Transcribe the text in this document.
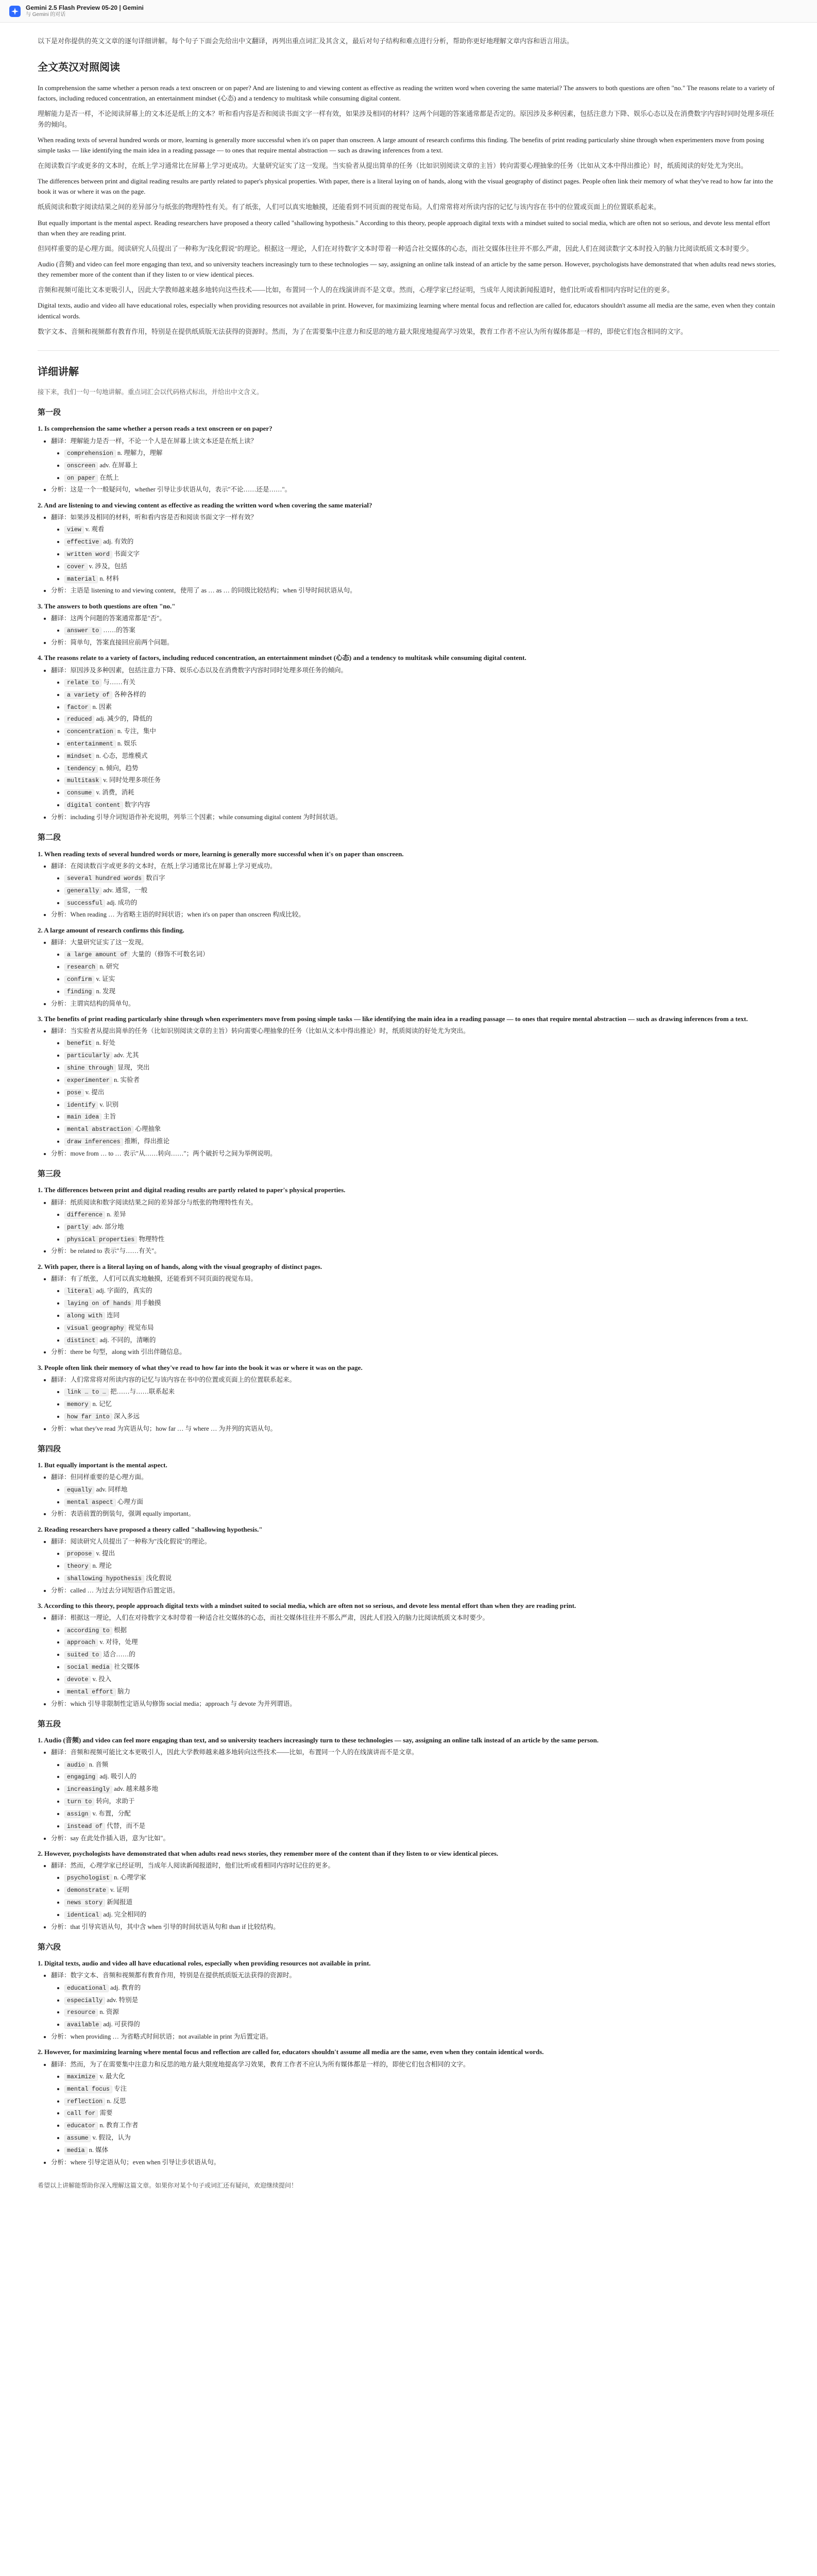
Gemini 2.5 Flash Preview 05-20 | Gemini
与 Gemini 的对话

以下是对你提供的英文文章的逐句详细讲解。每个句子下面会先给出中文翻译，再列出重点词汇及其含义，最后对句子结构和难点进行分析，帮助你更好地理解文章内容和语言用法。

全文英汉对照阅读

In comprehension the same whether a person reads a text onscreen or on paper? And are listening to and viewing content as effective as reading the written word when covering the same material? The answers to both questions are often "no." The reasons relate to a variety of factors, including reduced concentration, an entertainment mindset (心态) and a tendency to multitask while consuming digital content.

理解能力是否一样，不论阅读屏幕上的文本还是纸上的文本？听和看内容是否和阅读书面文字一样有效，如果涉及相同的材料？这两个问题的答案通常都是否定的。原因涉及多种因素，包括注意力下降、娱乐心态以及在消费数字内容时同时处理多项任务的倾向。

When reading texts of several hundred words or more, learning is generally more successful when it's on paper than onscreen. A large amount of research confirms this finding. The benefits of print reading particularly shine through when experimenters move from posing simple tasks — like identifying the main idea in a reading passage — to ones that require mental abstraction — such as drawing inferences from a text.

在阅读数百字或更多的文本时，在纸上学习通常比在屏幕上学习更成功。大量研究证实了这一发现。当实验者从提出简单的任务（比如识别阅读文章的主旨）转向需要心理抽象的任务（比如从文本中得出推论）时，纸质阅读的好处尤为突出。

The differences between print and digital reading results are partly related to paper's physical properties. With paper, there is a literal laying on of hands, along with the visual geography of distinct pages. People often link their memory of what they've read to how far into the book it was or where it was on the page.

纸质阅读和数字阅读结果之间的差异部分与纸张的物理特性有关。有了纸张，人们可以真实地触摸，还能看到不同页面的视觉布局。人们常常将对所读内容的记忆与该内容在书中的位置或页面上的位置联系起来。

But equally important is the mental aspect. Reading researchers have proposed a theory called "shallowing hypothesis." According to this theory, people approach digital texts with a mindset suited to social media, which are often not so serious, and devote less mental effort than when they are reading print.

但同样重要的是心理方面。阅读研究人员提出了一种称为"浅化假说"的理论。根据这一理论，人们在对待数字文本时带着一种适合社交媒体的心态，而社交媒体往往并不那么严肃，因此人们在阅读数字文本时投入的脑力比阅读纸质文本时要少。

Audio (音频) and video can feel more engaging than text, and so university teachers increasingly turn to these technologies — say, assigning an online talk instead of an article by the same person. However, psychologists have demonstrated that when adults read news stories, they remember more of the content than if they listen to or view identical pieces.

音频和视频可能比文本更吸引人，因此大学教师越来越多地转向这些技术——比如，布置同一个人的在线演讲而不是文章。然而，心理学家已经证明，当成年人阅读新闻报道时，他们比听或看相同内容时记住的更多。

Digital texts, audio and video all have educational roles, especially when providing resources not available in print. However, for maximizing learning where mental focus and reflection are called for, educators shouldn't assume all media are the same, even when they contain identical words.

数字文本、音频和视频都有教育作用，特别是在提供纸质版无法获得的资源时。然而，为了在需要集中注意力和反思的地方最大限度地提高学习效果，教育工作者不应认为所有媒体都是一样的，即使它们包含相同的文字。

详细讲解

接下来，我们一句一句地讲解。重点词汇会以代码格式标出，并给出中文含义。

第一段
1. Is comprehension the same whether a person reads a text onscreen or on paper?
• 翻译：理解能力是否一样，不论一个人是在屏幕上读文本还是在纸上读？
• comprehension n. 理解力，理解
• onscreen adv. 在屏幕上
• on paper 在纸上
• 分析：这是一个一般疑问句，whether 引导让步状语从句，表示"不论……还是……"。
2. And are listening to and viewing content as effective as reading the written word when covering the same material?
• 翻译：如果涉及相同的材料，听和看内容是否和阅读书面文字一样有效？
• view v. 观看
• effective adj. 有效的
• written word 书面文字
• cover v. 涉及，包括
• material n. 材料
• 分析：主语是 listening to and viewing content，使用了 as … as … 的同级比较结构；when 引导时间状语从句。
3. The answers to both questions are often "no."
• 翻译：这两个问题的答案通常都是"否"。
• answer to ……的答案
• 分析：简单句，答案直接回应前两个问题。
4. The reasons relate to a variety of factors, including reduced concentration, an entertainment mindset (心态) and a tendency to multitask while consuming digital content.
• 翻译：原因涉及多种因素，包括注意力下降、娱乐心态以及在消费数字内容时同时处理多项任务的倾向。
• relate to 与……有关
• a variety of 各种各样的
• factor n. 因素
• reduced adj. 减少的，降低的
• concentration n. 专注，集中
• entertainment n. 娱乐
• mindset n. 心态，思维模式
• tendency n. 倾向，趋势
• multitask v. 同时处理多项任务
• consume v. 消费，消耗
• digital content 数字内容
• 分析：including 引导介词短语作补充说明，列举三个因素；while consuming digital content 为时间状语。
第二段
1. When reading texts of several hundred words or more, learning is generally more successful when it's on paper than onscreen.
• 翻译：在阅读数百字或更多的文本时，在纸上学习通常比在屏幕上学习更成功。
• several hundred words 数百字
• generally adv. 通常，一般
• successful adj. 成功的
• 分析：When reading … 为省略主语的时间状语；when it's on paper than onscreen 构成比较。
2. A large amount of research confirms this finding.
• 翻译：大量研究证实了这一发现。
• a large amount of 大量的（修饰不可数名词）
• research n. 研究
• confirm v. 证实
• finding n. 发现
• 分析：主谓宾结构的简单句。
3. The benefits of print reading particularly shine through when experimenters move from posing simple tasks — like identifying the main idea in a reading passage — to ones that require mental abstraction — such as drawing inferences from a text.
• 翻译：当实验者从提出简单的任务（比如识别阅读文章的主旨）转向需要心理抽象的任务（比如从文本中得出推论）时，纸质阅读的好处尤为突出。
• benefit n. 好处
• particularly adv. 尤其
• shine through 显现，突出
• experimenter n. 实验者
• pose v. 提出
• identify v. 识别
• main idea 主旨
• mental abstraction 心理抽象
• draw inferences 推断，得出推论
• 分析：move from … to … 表示"从……转向……"；两个破折号之间为举例说明。
第三段
1. The differences between print and digital reading results are partly related to paper's physical properties.
• 翻译：纸质阅读和数字阅读结果之间的差异部分与纸张的物理特性有关。
• difference n. 差异
• partly adv. 部分地
• physical properties 物理特性
• 分析：be related to 表示"与……有关"。
2. With paper, there is a literal laying on of hands, along with the visual geography of distinct pages.
• 翻译：有了纸张，人们可以真实地触摸，还能看到不同页面的视觉布局。
• literal adj. 字面的，真实的
• laying on of hands 用手触摸
• along with 连同
• visual geography 视觉布局
• distinct adj. 不同的，清晰的
• 分析：there be 句型，along with 引出伴随信息。
3. People often link their memory of what they've read to how far into the book it was or where it was on the page.
• 翻译：人们常常将对所读内容的记忆与该内容在书中的位置或页面上的位置联系起来。
• link … to … 把……与……联系起来
• memory n. 记忆
• how far into 深入多远
• 分析：what they've read 为宾语从句；how far … 与 where … 为并列的宾语从句。
第四段
1. But equally important is the mental aspect.
• 翻译：但同样重要的是心理方面。
• equally adv. 同样地
• mental aspect 心理方面
• 分析：表语前置的倒装句，强调 equally important。
2. Reading researchers have proposed a theory called "shallowing hypothesis."
• 翻译：阅读研究人员提出了一种称为"浅化假说"的理论。
• propose v. 提出
• theory n. 理论
• shallowing hypothesis 浅化假说
• 分析：called … 为过去分词短语作后置定语。
3. According to this theory, people approach digital texts with a mindset suited to social media, which are often not so serious, and devote less mental effort than when they are reading print.
• 翻译：根据这一理论，人们在对待数字文本时带着一种适合社交媒体的心态，而社交媒体往往并不那么严肃，因此人们投入的脑力比阅读纸质文本时要少。
• according to 根据
• approach v. 对待，处理
• suited to 适合……的
• social media 社交媒体
• devote v. 投入
• mental effort 脑力
• 分析：which 引导非限制性定语从句修饰 social media；approach 与 devote 为并列谓语。
第五段
1. Audio (音频) and video can feel more engaging than text, and so university teachers increasingly turn to these technologies — say, assigning an online talk instead of an article by the same person.
• 翻译：音频和视频可能比文本更吸引人，因此大学教师越来越多地转向这些技术——比如，布置同一个人的在线演讲而不是文章。
• audio n. 音频
• engaging adj. 吸引人的
• increasingly adv. 越来越多地
• turn to 转向，求助于
• assign v. 布置，分配
• instead of 代替，而不是
• 分析：say 在此处作插入语，意为"比如"。
2. However, psychologists have demonstrated that when adults read news stories, they remember more of the content than if they listen to or view identical pieces.
• 翻译：然而，心理学家已经证明，当成年人阅读新闻报道时，他们比听或看相同内容时记住的更多。
• psychologist n. 心理学家
• demonstrate v. 证明
• news story 新闻报道
• identical adj. 完全相同的
• 分析：that 引导宾语从句，其中含 when 引导的时间状语从句和 than if 比较结构。
第六段
1. Digital texts, audio and video all have educational roles, especially when providing resources not available in print.
• 翻译：数字文本、音频和视频都有教育作用，特别是在提供纸质版无法获得的资源时。
• educational adj. 教育的
• especially adv. 特别是
• resource n. 资源
• available adj. 可获得的
• 分析：when providing … 为省略式时间状语；not available in print 为后置定语。
2. However, for maximizing learning where mental focus and reflection are called for, educators shouldn't assume all media are the same, even when they contain identical words.
• 翻译：然而，为了在需要集中注意力和反思的地方最大限度地提高学习效果，教育工作者不应认为所有媒体都是一样的，即使它们包含相同的文字。
• maximize v. 最大化
• mental focus 专注
• reflection n. 反思
• call for 需要
• educator n. 教育工作者
• assume v. 假设，认为
• media n. 媒体
• 分析：where 引导定语从句；even when 引导让步状语从句。

希望以上讲解能帮助你深入理解这篇文章。如果你对某个句子或词汇还有疑问，欢迎继续提问！
